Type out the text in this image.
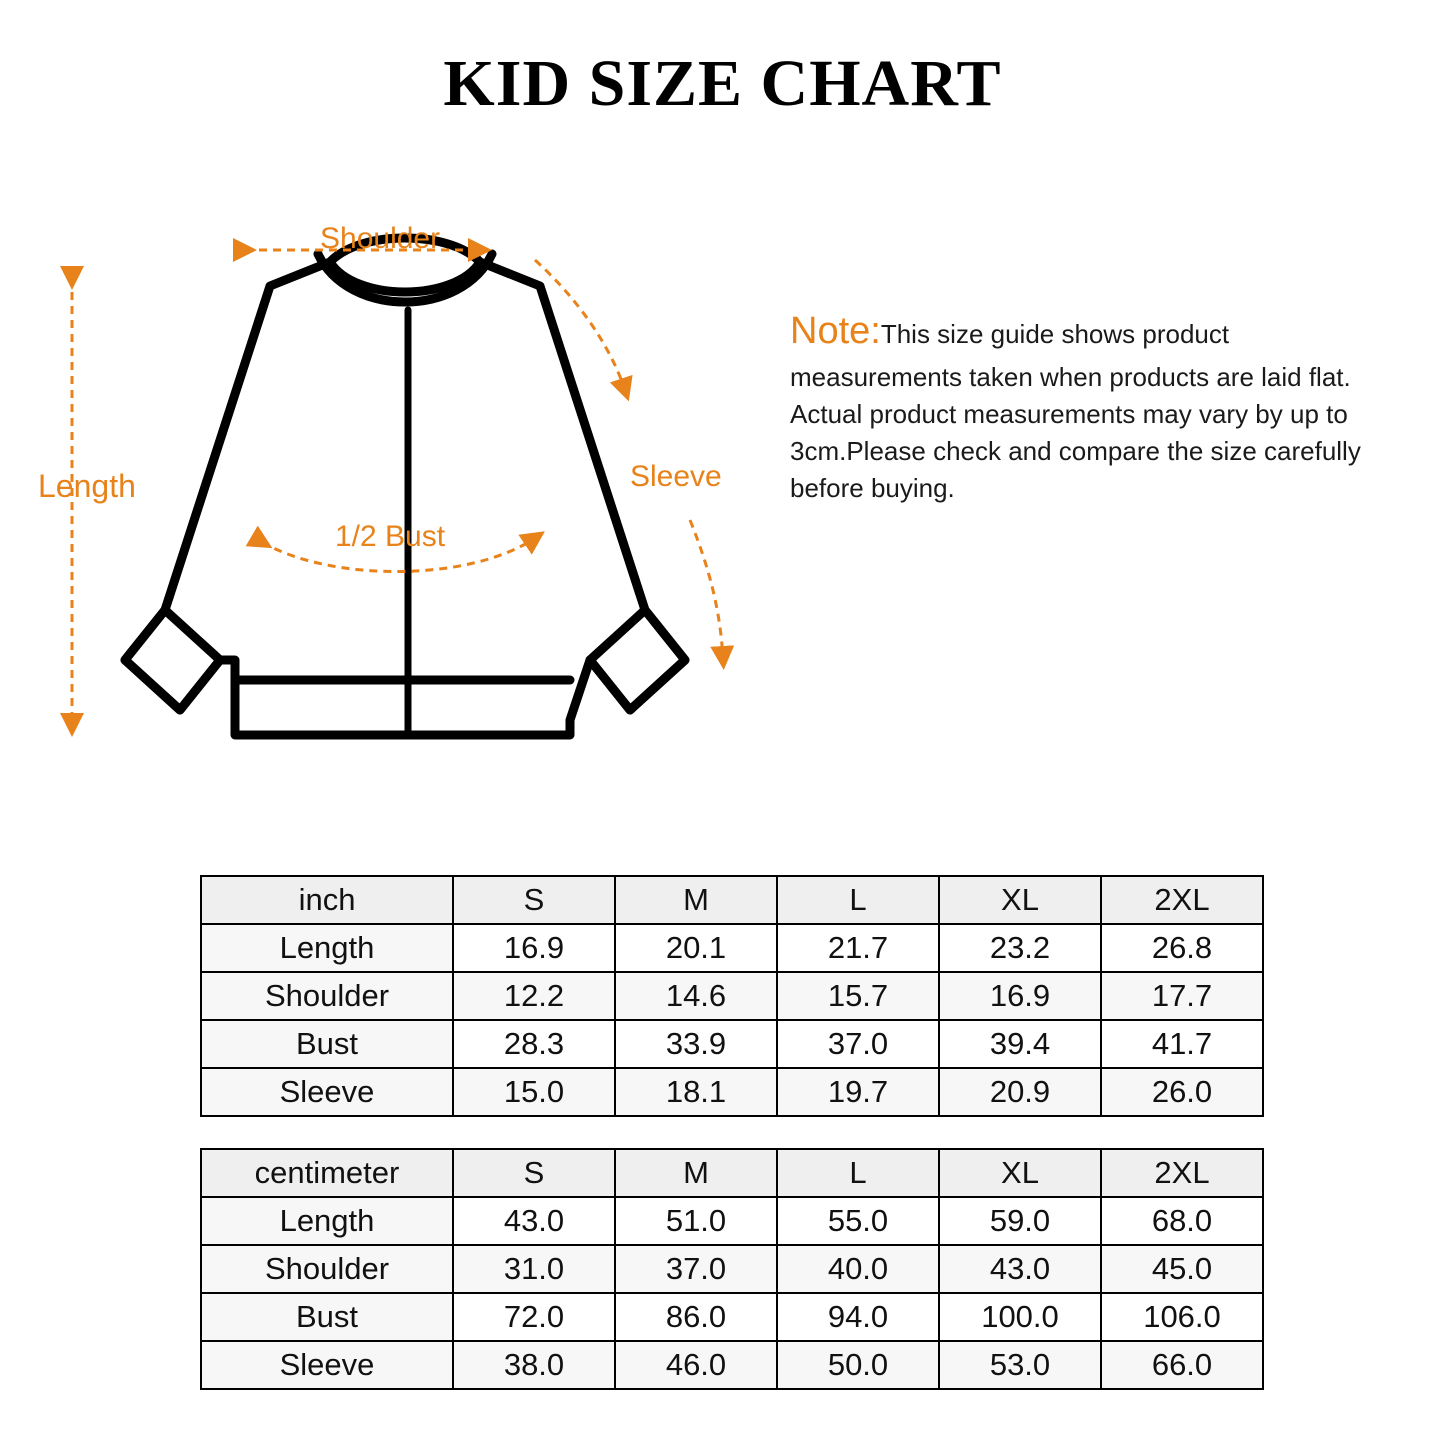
KID SIZE CHART
Shoulder
Length
1/2 Bust
Sleeve
Note:This size guide shows product measurements taken when products are laid flat. Actual product measurements may vary by up to 3cm.Please check and compare the size carefully before buying.
inch	S	M	L	XL	2XL
Length	16.9	20.1	21.7	23.2	26.8
Shoulder	12.2	14.6	15.7	16.9	17.7
Bust	28.3	33.9	37.0	39.4	41.7
Sleeve	15.0	18.1	19.7	20.9	26.0
centimeter	S	M	L	XL	2XL
Length	43.0	51.0	55.0	59.0	68.0
Shoulder	31.0	37.0	40.0	43.0	45.0
Bust	72.0	86.0	94.0	100.0	106.0
Sleeve	38.0	46.0	50.0	53.0	66.0
